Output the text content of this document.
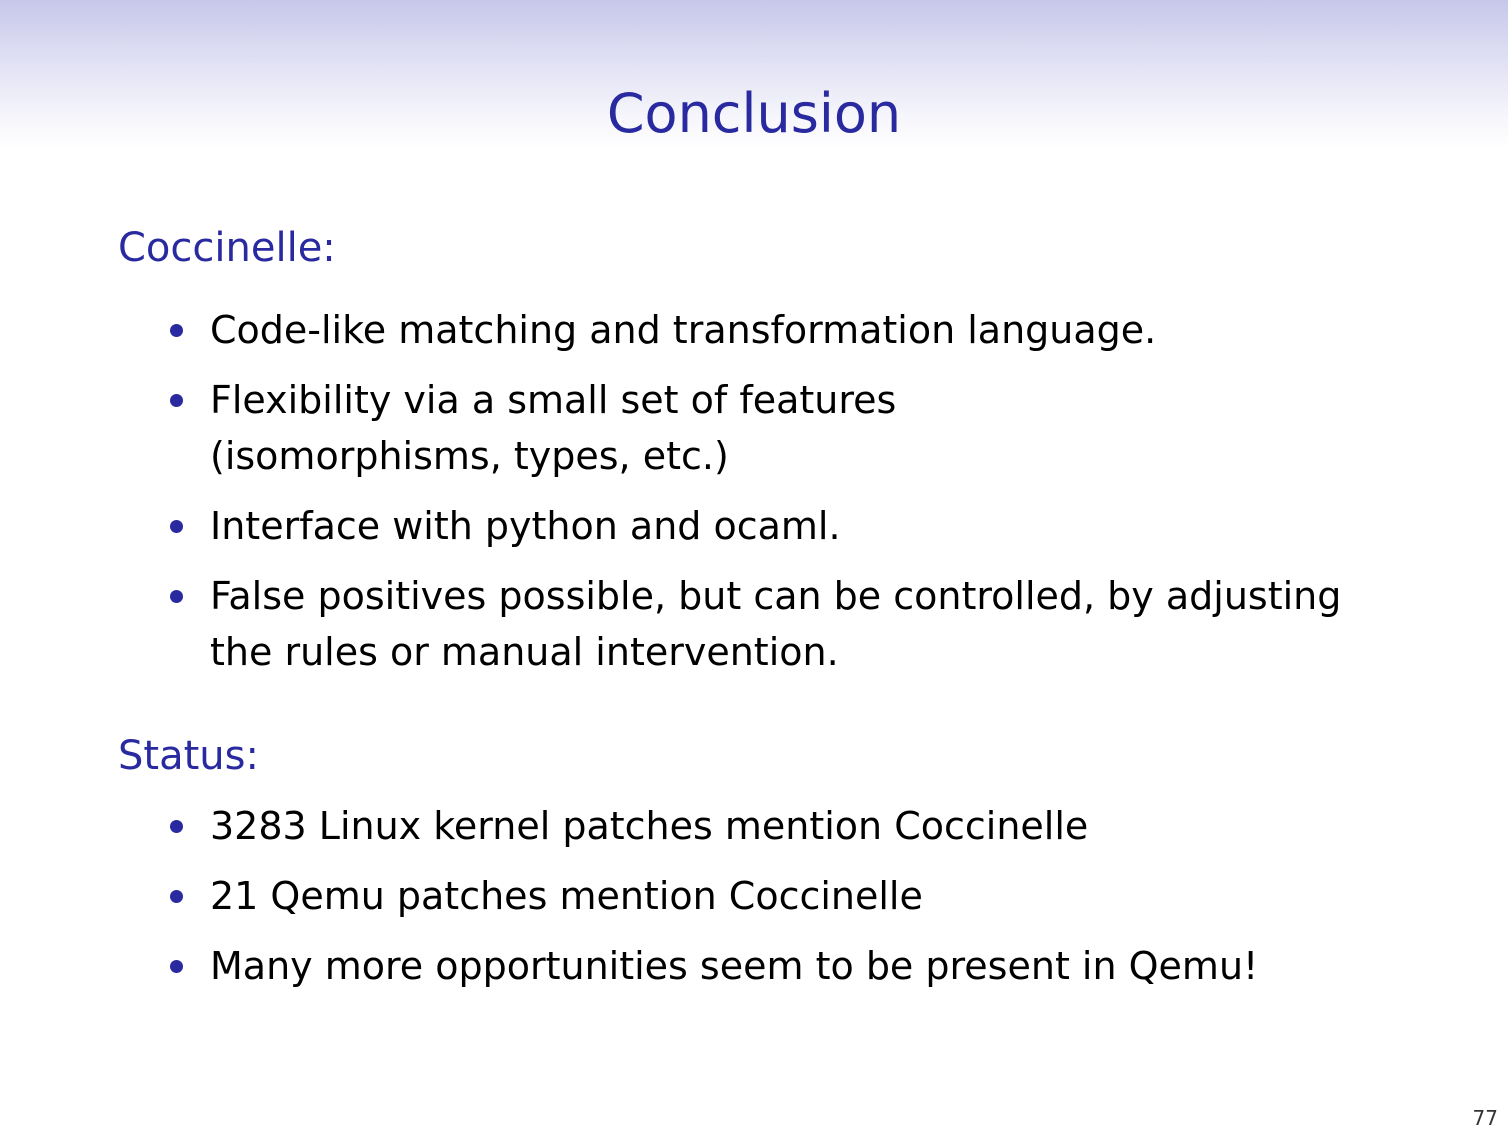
Conclusion
Coccinelle:
Code-like matching and transformation language.
Flexibility via a small set of features (isomorphisms, types, etc.)
Interface with python and ocaml.
False positives possible, but can be controlled, by adjusting the rules or manual intervention.
Status:
3283 Linux kernel patches mention Coccinelle
21 Qemu patches mention Coccinelle
Many more opportunities seem to be present in Qemu!
77
